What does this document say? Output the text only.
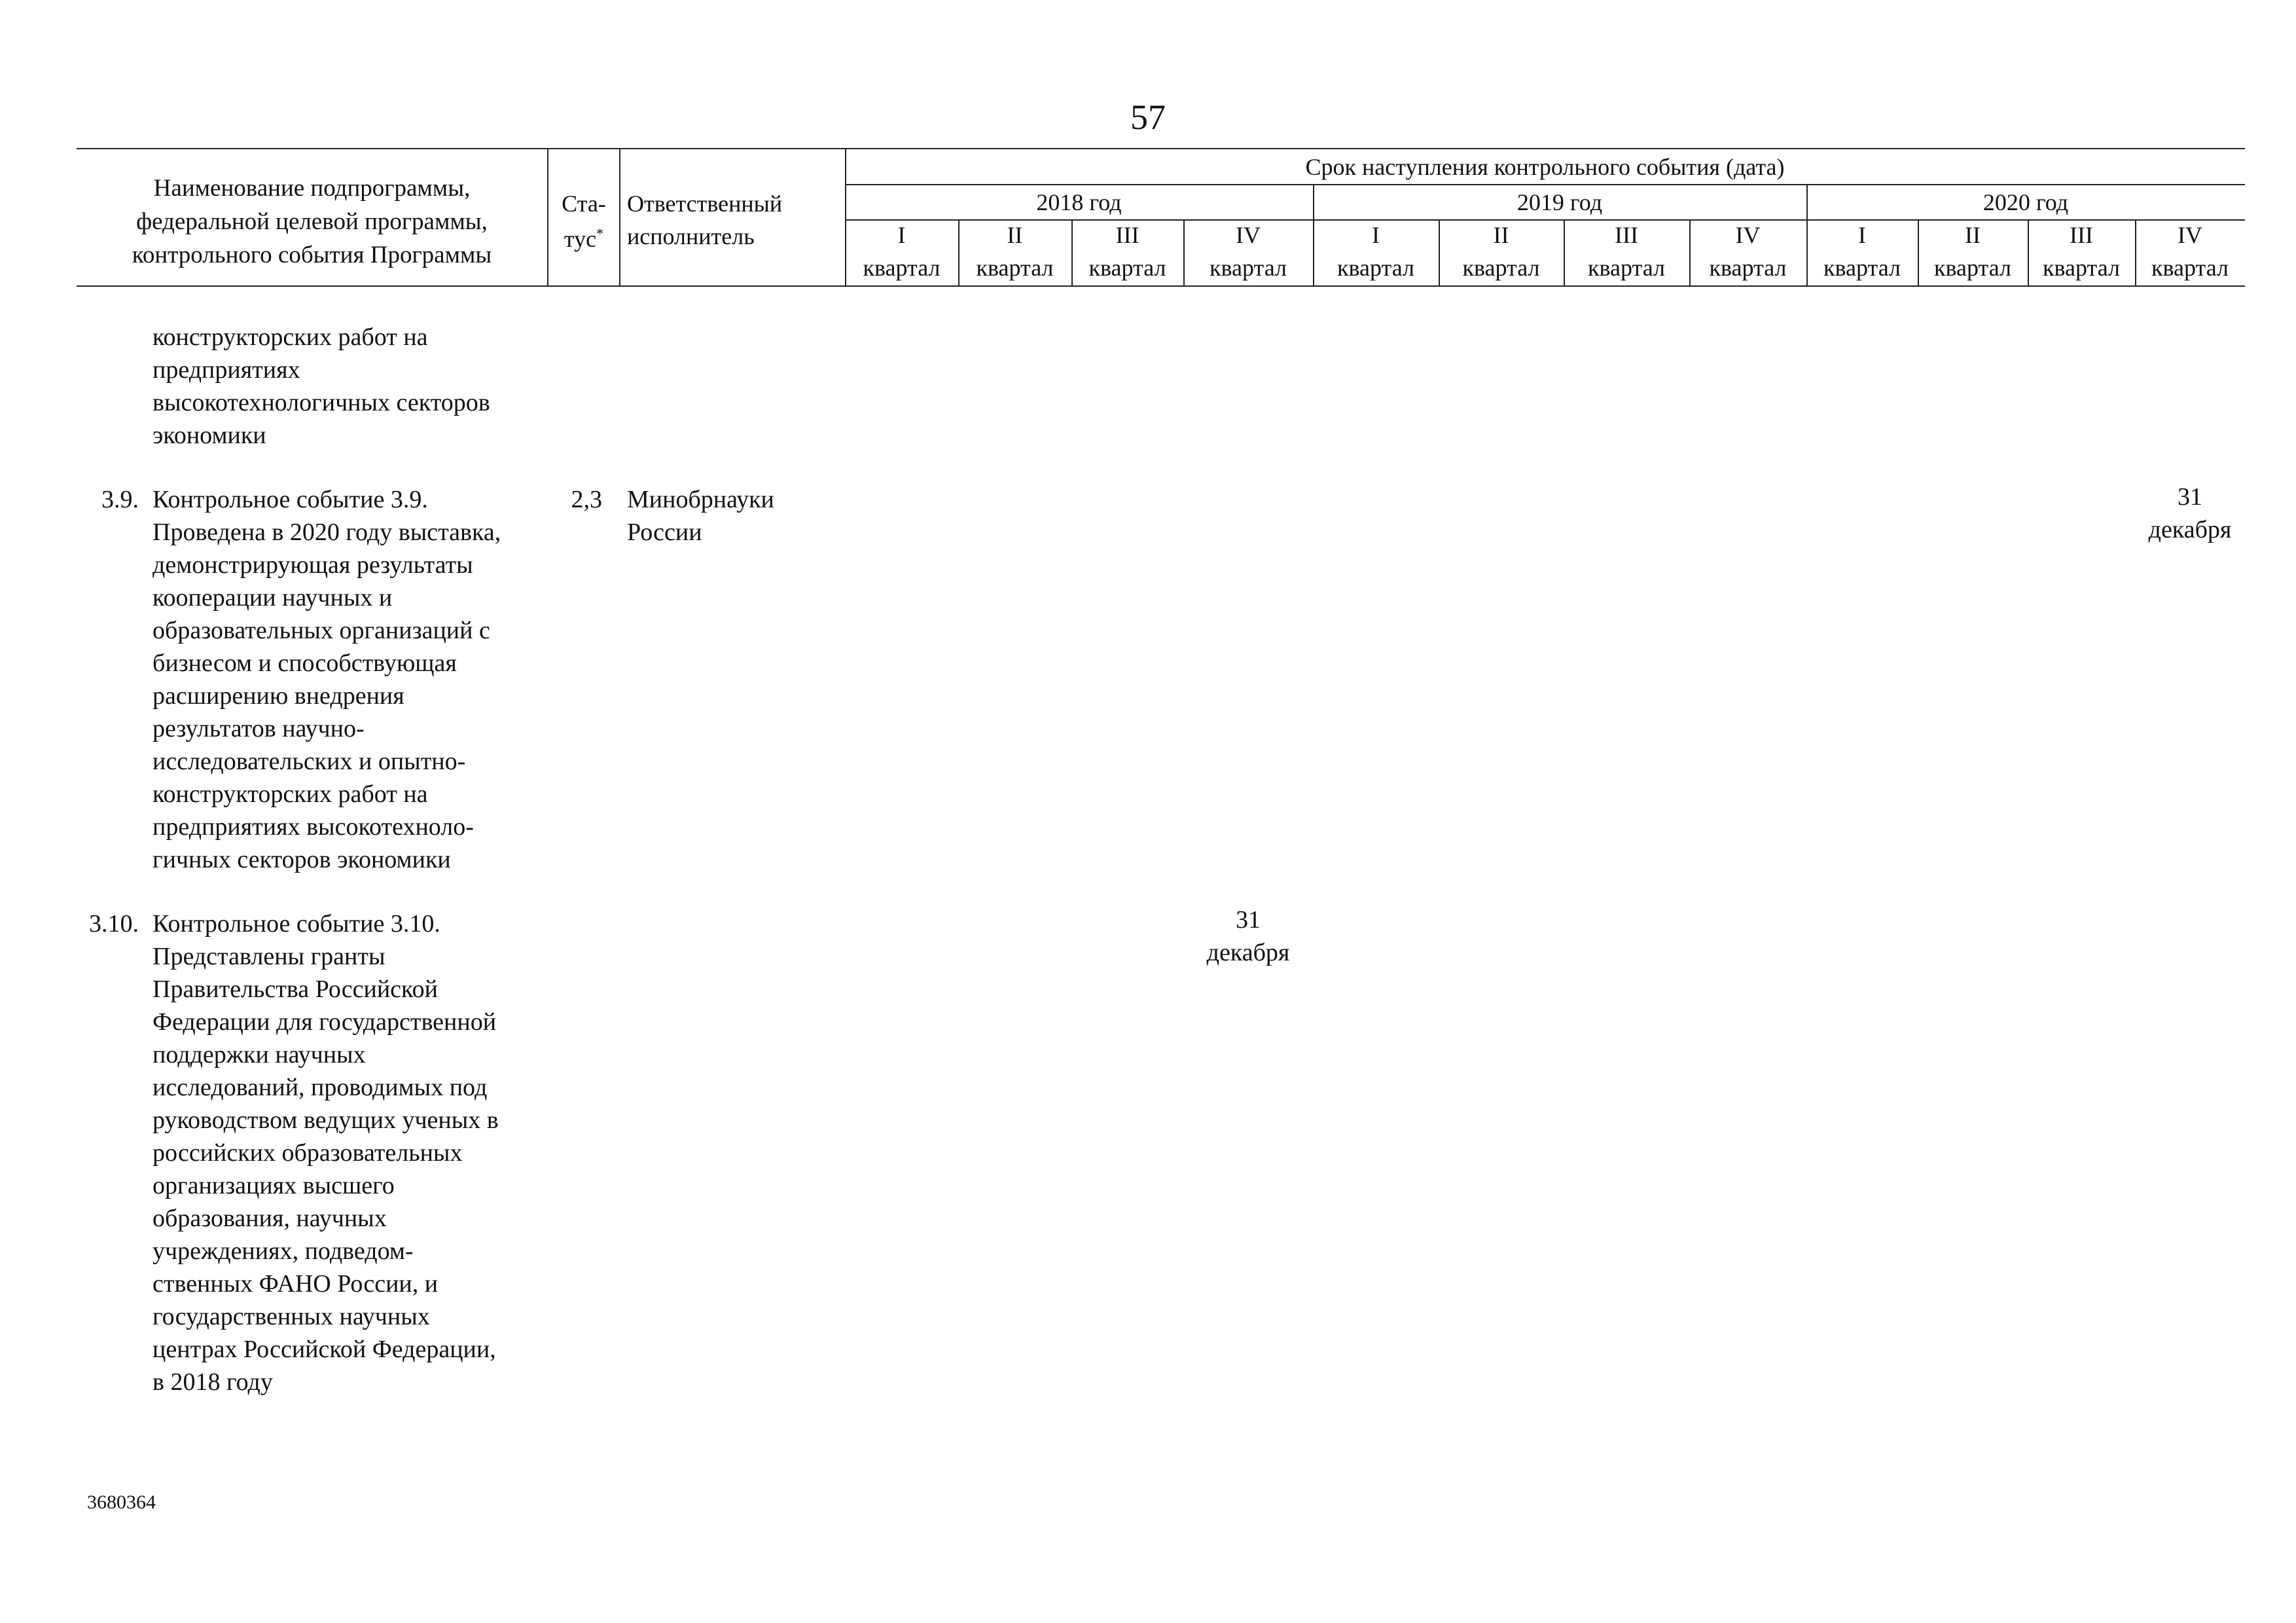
57
Наименование подпрограммы,
федеральной целевой программы,
контрольного события Программы
Ста-
тус*
Ответственный
исполнитель
Срок наступления контрольного события (дата)
2018 год	2019 год	2020 год
I
квартал
II
квартал
III
квартал
IV
квартал
I
квартал
II
квартал
III
квартал
IV
квартал
I
квартал
II
квартал
III
квартал
IV
квартал
конструкторских работ на
предприятиях
высокотехнологичных секторов
экономики
3.9. Контрольное событие 3.9.
Проведена в 2020 году выставка,
демонстрирующая результаты
кооперации научных и
образовательных организаций с
бизнесом и способствующая
расширению внедрения
результатов научно-
исследовательских и опытно-
конструкторских работ на
предприятиях высокотехноло-
гичных секторов экономики
2,3 Минобрнауки
России
31
декабря
3.10. Контрольное событие 3.10.
Представлены гранты
Правительства Российской
Федерации для государственной
поддержки научных
исследований, проводимых под
руководством ведущих ученых в
российских образовательных
организациях высшего
образования, научных
учреждениях, подведом-
ственных ФАНО России, и
государственных научных
центрах Российской Федерации,
в 2018 году
31
декабря
3680364
